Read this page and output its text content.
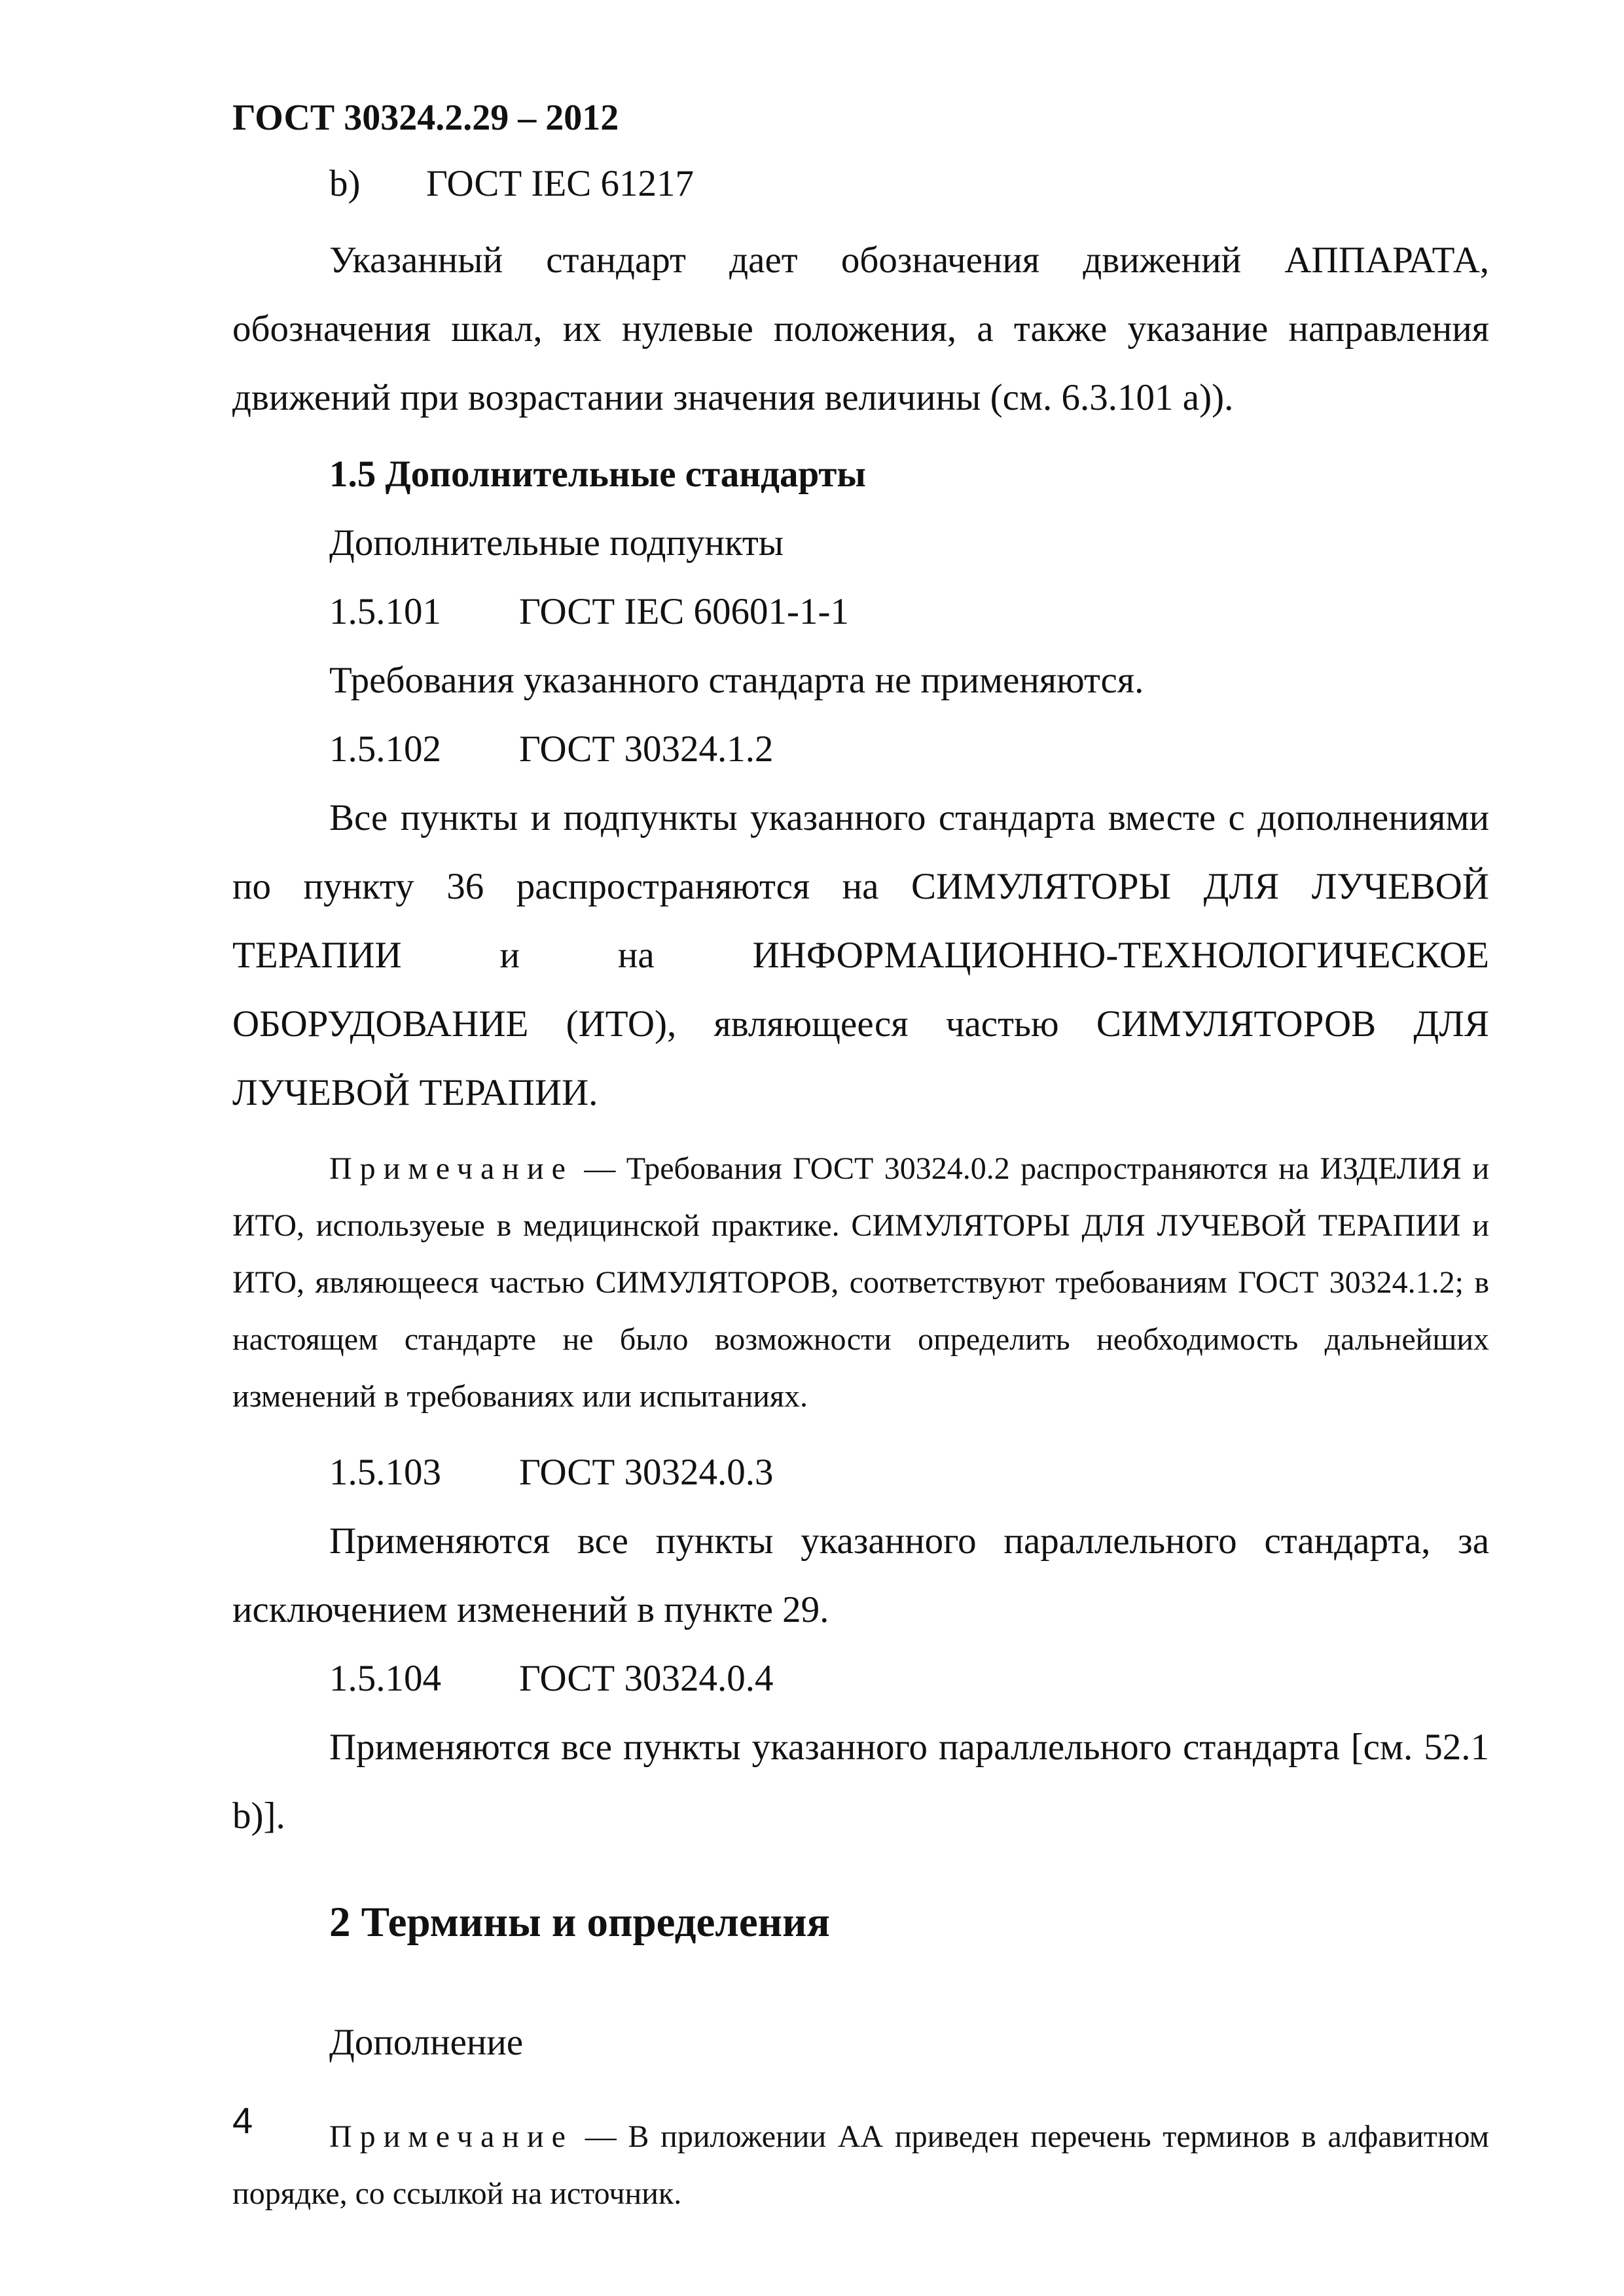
ГОСТ 30324.2.29 – 2012
b)	ГОСТ IEC 61217

Указанный стандарт дает обозначения движений АППАРАТА, обозначения шкал, их нулевые положения, а также указание направления движений при возрастании значения величины (см. 6.3.101 а)).

1.5 Дополнительные стандарты

Дополнительные подпункты

1.5.101	ГОСТ IEC 60601-1-1

Требования указанного стандарта не применяются.

1.5.102	ГОСТ 30324.1.2

Все пункты и подпункты указанного стандарта вместе с дополнениями по пункту 36 распространяются на СИМУЛЯТОРЫ ДЛЯ ЛУЧЕВОЙ ТЕРАПИИ и на ИНФОРМАЦИОННО-ТЕХНОЛОГИЧЕСКОЕ ОБОРУДОВАНИЕ (ИТО), являющееся частью СИМУЛЯТОРОВ ДЛЯ ЛУЧЕВОЙ ТЕРАПИИ.

Примечание — Требования ГОСТ 30324.0.2 распространяются на ИЗДЕЛИЯ и ИТО, используеые в медицинской практике. СИМУЛЯТОРЫ ДЛЯ ЛУЧЕВОЙ ТЕРАПИИ и ИТО, являющееся частью СИМУЛЯТОРОВ, соответствуют требованиям ГОСТ 30324.1.2; в настоящем стандарте не было возможности определить необходимость дальнейших изменений в требованиях или испытаниях.

1.5.103	ГОСТ 30324.0.3

Применяются все пункты указанного параллельного стандарта, за исключением изменений в пункте 29.

1.5.104	ГОСТ 30324.0.4

Применяются все пункты указанного параллельного стандарта [см. 52.1 b)].

2 Термины и определения

Дополнение

Примечание — В приложении АА приведен перечень терминов в алфавитном порядке, со ссылкой на источник.

4
